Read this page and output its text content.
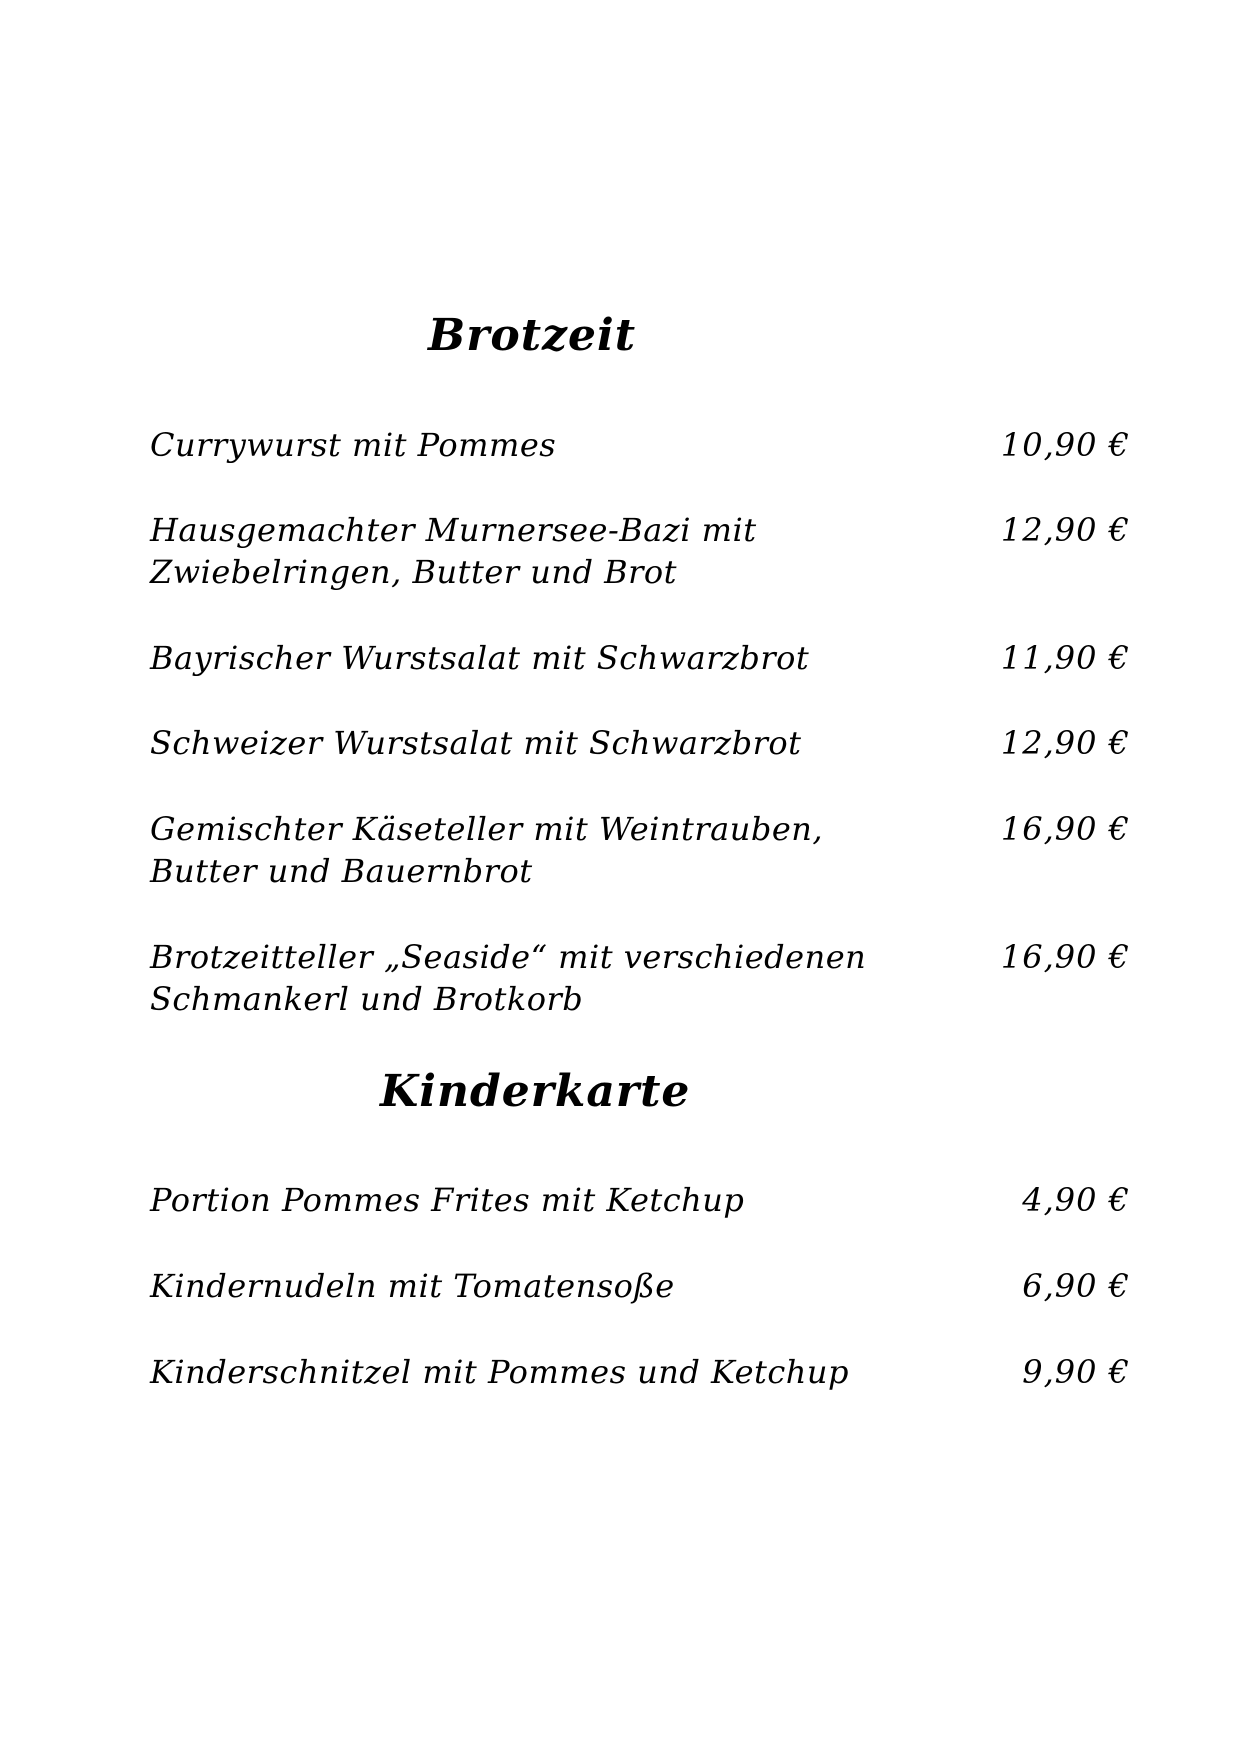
Brotzeit
Currywurst mit Pommes	10,90 €
Hausgemachter Murnersee-Bazi mit
Zwiebelringen, Butter und Brot
12,90 €
Bayrischer Wurstsalat mit Schwarzbrot	11,90 €
Schweizer Wurstsalat mit Schwarzbrot	12,90 €
Gemischter Käseteller mit Weintrauben,
Butter und Bauernbrot
16,90 €
Brotzeitteller „Seaside“ mit verschiedenen
Schmankerl und Brotkorb
16,90 €
Kinderkarte
Portion Pommes Frites mit Ketchup	4,90 €
Kindernudeln mit Tomatensoße	6,90 €
Kinderschnitzel mit Pommes und Ketchup	9,90 €
